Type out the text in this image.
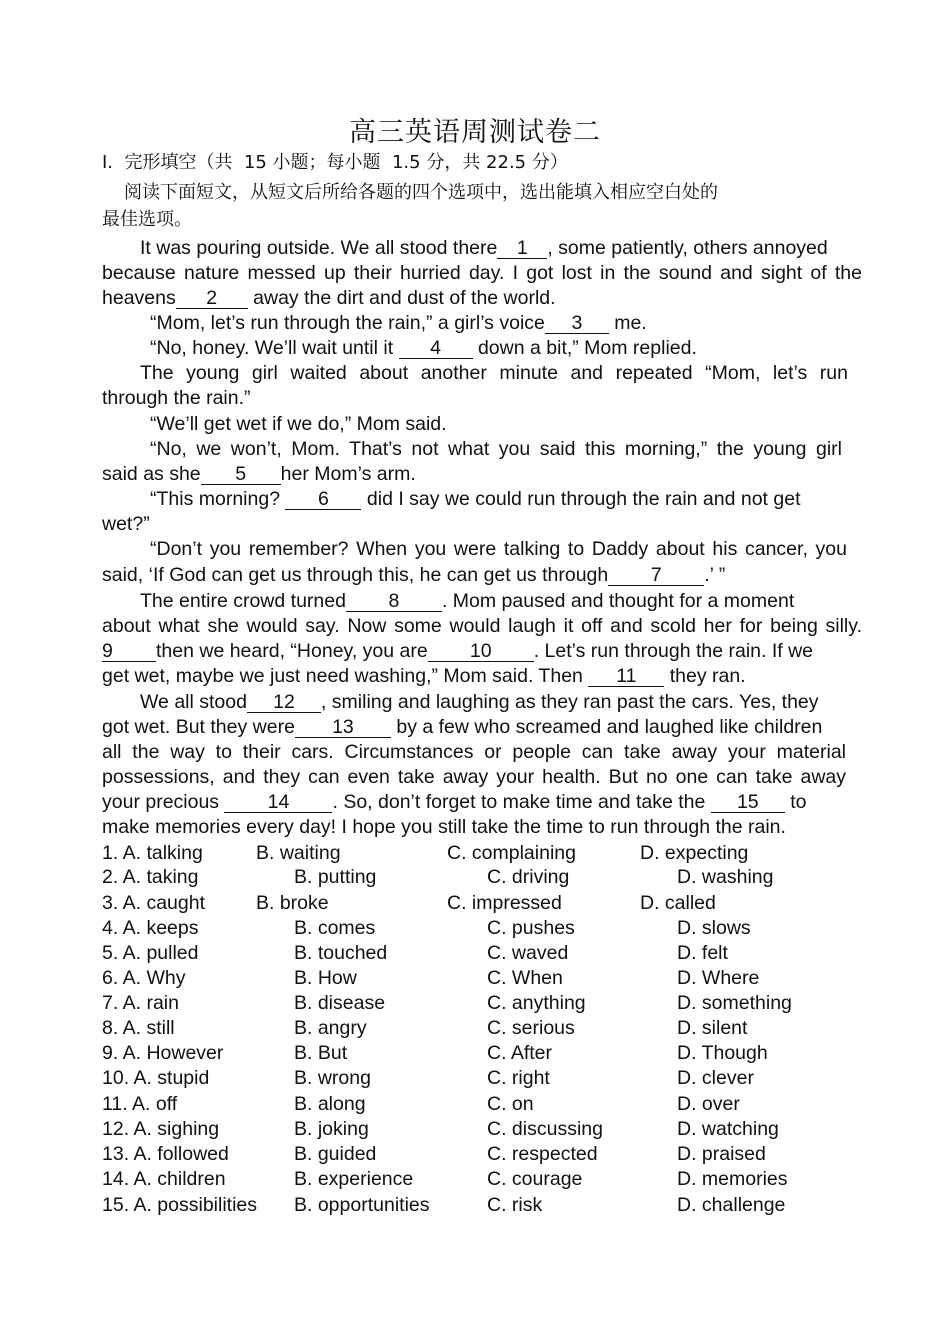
高三英语周测试卷二
I.  完形填空（共  15 小题；每小题  1.5 分，共 22.5 分）
阅读下面短文，从短文后所给各题的四个选项中，选出能填入相应空白处的
最佳选项。
It was pouring outside. We all stood there 1 , some patiently, others annoyed
because nature messed up their hurried day. I got lost in the sound and sight of the
heavens 2 away the dirt and dust of the world.
“Mom, let’s run through the rain,” a girl’s voice 3 me.
“No, honey. We’ll wait until it 4 down a bit,” Mom replied.
The young girl waited about another minute and repeated “Mom, let’s run
through the rain.”
“We’ll get wet if we do,” Mom said.
“No, we won’t, Mom. That’s not what you said this morning,” the young girl
said as she 5 her Mom’s arm.
“This morning? 6 did I say we could run through the rain and not get
wet?”
“Don’t you remember? When you were talking to Daddy about his cancer, you
said, ‘If God can get us through this, he can get us through 7 .’ ”
The entire crowd turned 8 . Mom paused and thought for a moment
about what she would say. Now some would laugh it off and scold her for being silly.
9 then we heard, “Honey, you are 10 . Let’s run through the rain. If we
get wet, maybe we just need washing,” Mom said. Then 11 they ran.
We all stood 12 , smiling and laughing as they ran past the cars. Yes, they
got wet. But they were 13 by a few who screamed and laughed like children
all the way to their cars. Circumstances or people can take away your material
possessions, and they can even take away your health. But no one can take away
your precious 14 . So, don’t forget to make time and take the 15 to
make memories every day! I hope you still take the time to run through the rain.
1. A. talking	B. waiting	C. complaining	D. expecting
2. A. taking	B. putting	C. driving	D. washing
3. A. caught	B. broke	C. impressed	D. called
4. A. keeps	B. comes	C. pushes	D. slows
5. A. pulled	B. touched	C. waved	D. felt
6. A. Why	B. How	C. When	D. Where
7. A. rain	B. disease	C. anything	D. something
8. A. still	B. angry	C. serious	D. silent
9. A. However	B. But	C. After	D. Though
10. A. stupid	B. wrong	C. right	D. clever
11. A. off	B. along	C. on	D. over
12. A. sighing	B. joking	C. discussing	D. watching
13. A. followed	B. guided	C. respected	D. praised
14. A. children	B. experience	C. courage	D. memories
15. A. possibilities B. opportunities	C. risk	D. challenge
